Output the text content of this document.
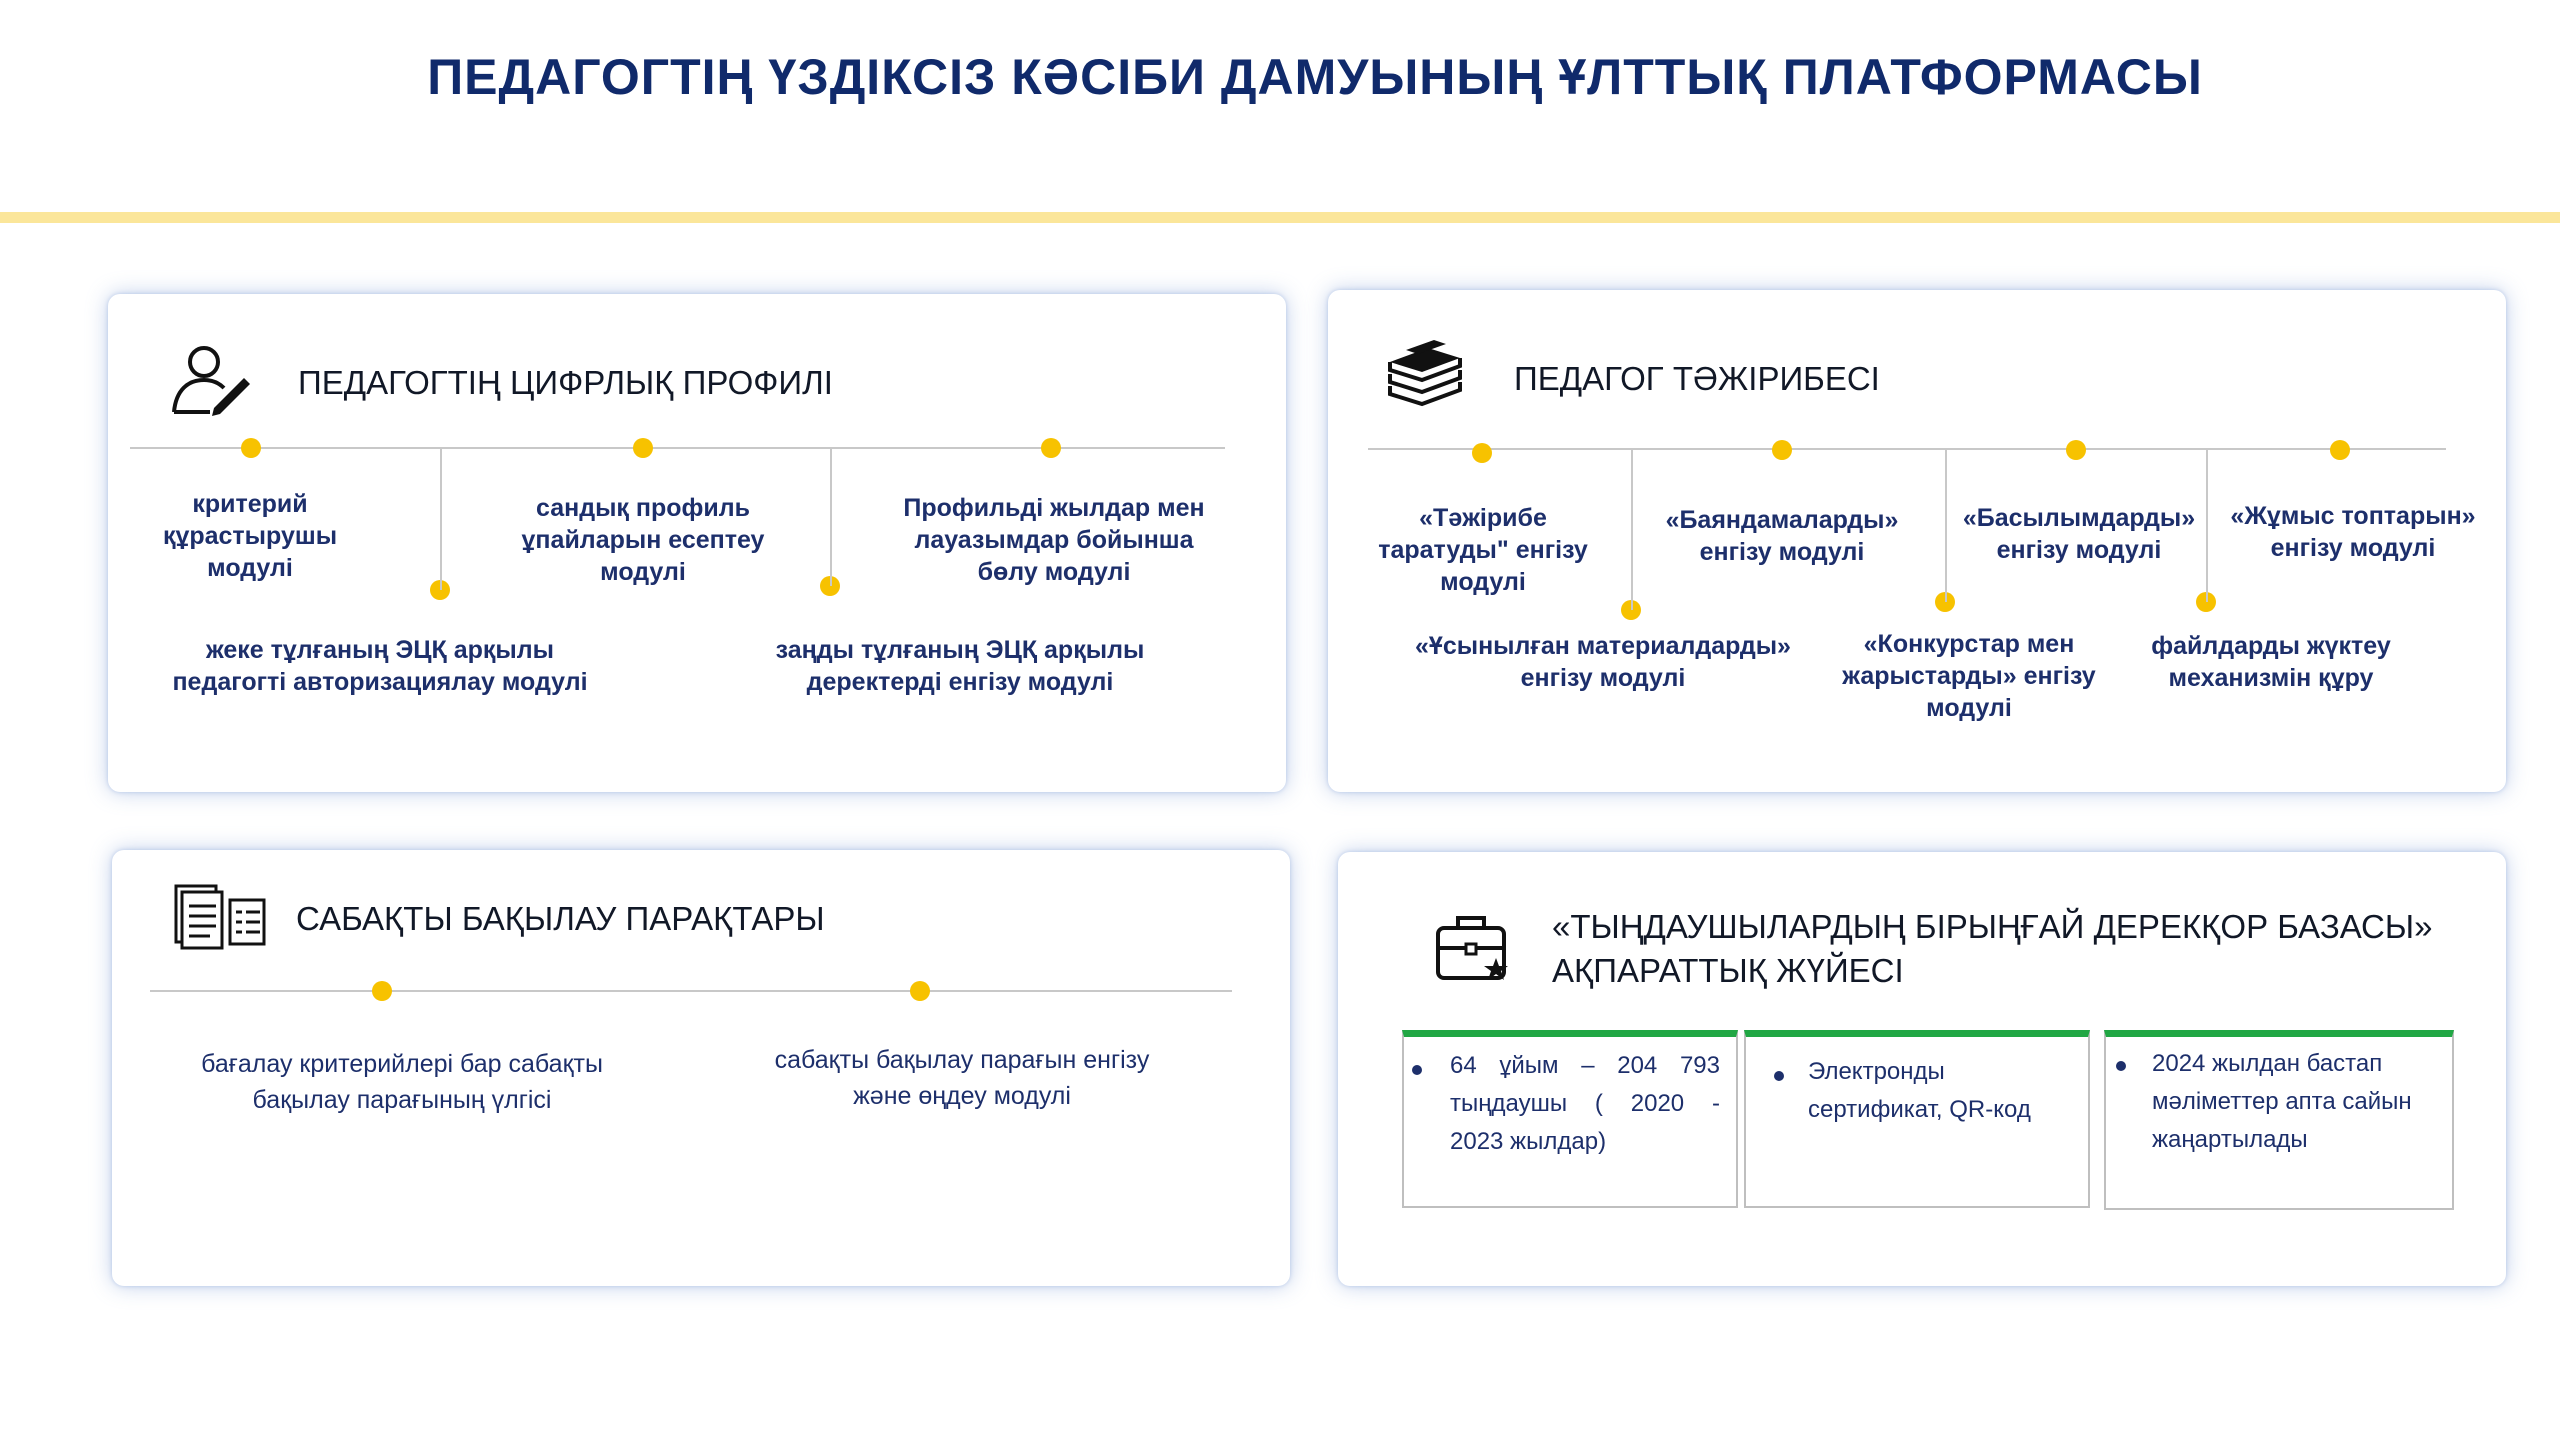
ПЕДАГОГТІҢ ҮЗДІКСІЗ КӘСІБИ ДАМУЫНЫҢ ҰЛТТЫҚ ПЛАТФОРМАСЫ
ПЕДАГОГТІҢ ЦИФРЛЫҚ ПРОФИЛІ
критерий құрастырушы модулі
жеке тұлғаның ЭЦҚ арқылы педагогті авторизациялау модулі
сандық профиль ұпайларын есептеу модулі
заңды тұлғаның ЭЦҚ арқылы деректерді енгізу модулі
Профильді жылдар мен лауазымдар бойынша бөлу модулі
ПЕДАГОГ ТӘЖІРИБЕСІ
«Тәжірибе таратуды" енгізу модулі
«Ұсынылған материалдарды» енгізу модулі
«Баяндамаларды» енгізу модулі
«Конкурстар мен жарыстарды» енгізу модулі
«Басылымдарды» енгізу модулі
файлдарды жүктеу механизмін құру
«Жұмыс топтарын» енгізу модулі
САБАҚТЫ БАҚЫЛАУ ПАРАҚТАРЫ
бағалау критерийлері бар сабақты бақылау парағының үлгісі
сабақты бақылау парағын енгізу және өңдеу модулі
«ТЫҢДАУШЫЛАРДЫҢ БІРЫҢҒАЙ ДЕРЕКҚОР БАЗАСЫ»
АҚПАРАТТЫҚ ЖҮЙЕСІ
64 ұйым – 204 793
тыңдаушы ( 2020 -
2023 жылдар)
Электронды
сертификат, QR-код
2024 жылдан бастап
мәліметтер апта сайын
жаңартылады
